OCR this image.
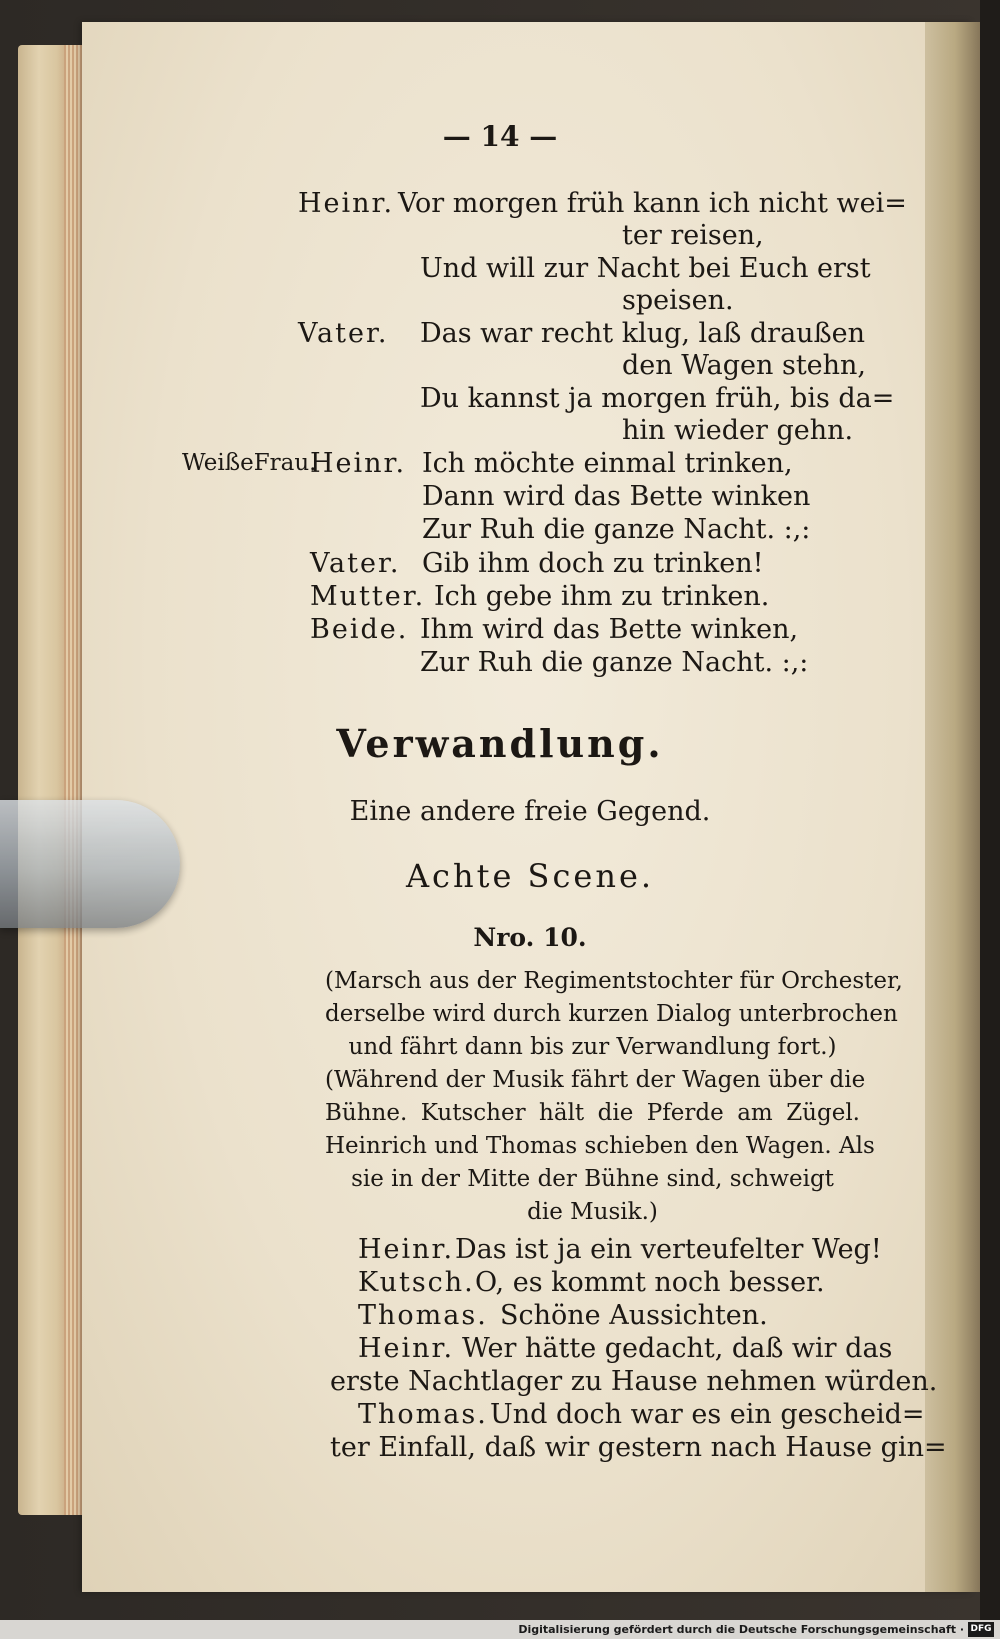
— 14 —
Heinr. Vor morgen früh kann ich nicht wei=
ter reisen,
Und will zur Nacht bei Euch erst
speisen.
Vater. Das war recht klug, laß draußen
den Wagen stehn,
Du kannst ja morgen früh, bis da=
hin wieder gehn.
WeißeFrau.
Heinr. Ich möchte einmal trinken,
Dann wird das Bette winken
Zur Ruh die ganze Nacht. :,:
Vater. Gib ihm doch zu trinken!
Mutter. Ich gebe ihm zu trinken.
Beide. Ihm wird das Bette winken,
Zur Ruh die ganze Nacht. :,:
Verwandlung.
Eine andere freie Gegend.
Achte Scene.
Nro. 10.
(Marsch aus der Regimentstochter für Orchester,
derselbe wird durch kurzen Dialog unterbrochen
und fährt dann bis zur Verwandlung fort.)
(Während der Musik fährt der Wagen über die
Bühne. Kutscher hält die Pferde am Zügel.
Heinrich und Thomas schieben den Wagen. Als
sie in der Mitte der Bühne sind, schweigt
die Musik.)
Heinr. Das ist ja ein verteufelter Weg!
Kutsch. O, es kommt noch besser.
Thomas. Schöne Aussichten.
Heinr. Wer hätte gedacht, daß wir das
erste Nachtlager zu Hause nehmen würden.
Thomas. Und doch war es ein gescheid=
ter Einfall, daß wir gestern nach Hause gin=
Digitalisierung gefördert durch die Deutsche Forschungsgemeinschaft · DFG
